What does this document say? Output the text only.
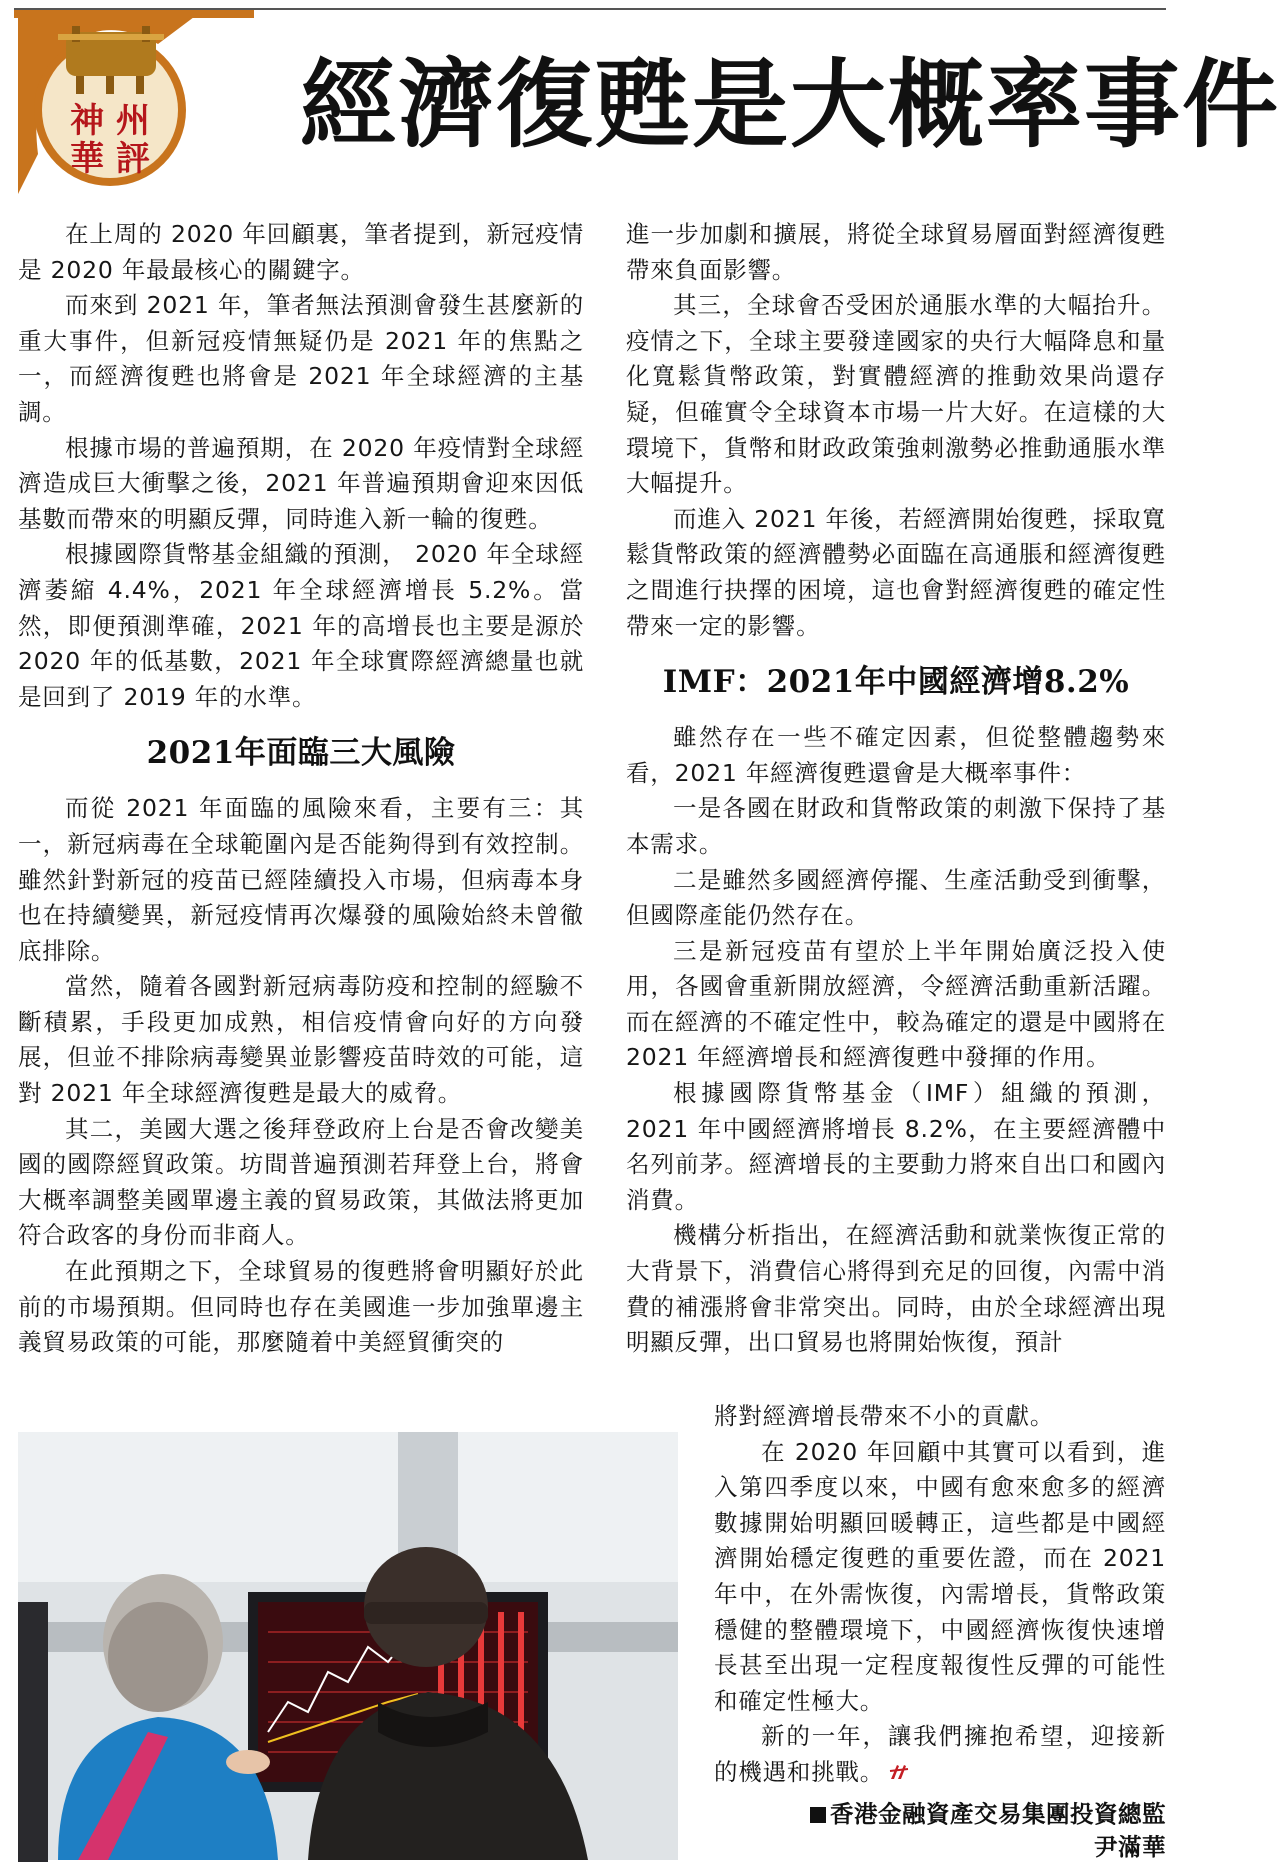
神 州
華 評 經濟復甦是大概率事件

在上周的 2020 年回顧裏，筆者提到，新冠疫情是 2020 年最最核心的關鍵字。

而來到 2021 年，筆者無法預測會發生甚麼新的重大事件，但新冠疫情無疑仍是 2021 年的焦點之一，而經濟復甦也將會是 2021 年全球經濟的主基調。

根據市場的普遍預期，在 2020 年疫情對全球經濟造成巨大衝擊之後，2021 年普遍預期會迎來因低基數而帶來的明顯反彈，同時進入新一輪的復甦。

根據國際貨幣基金組織的預測， 2020 年全球經濟萎縮 4.4%，2021 年全球經濟增長 5.2%。當然，即便預測準確，2021 年的高增長也主要是源於 2020 年的低基數，2021 年全球實際經濟總量也就是回到了 2019 年的水準。

2021年面臨三大風險

而從 2021 年面臨的風險來看，主要有三：其一，新冠病毒在全球範圍內是否能夠得到有效控制。雖然針對新冠的疫苗已經陸續投入市場，但病毒本身也在持續變異，新冠疫情再次爆發的風險始終未曾徹底排除。

當然，隨着各國對新冠病毒防疫和控制的經驗不斷積累，手段更加成熟，相信疫情會向好的方向發展，但並不排除病毒變異並影響疫苗時效的可能，這對 2021 年全球經濟復甦是最大的威脅。

其二，美國大選之後拜登政府上台是否會改變美國的國際經貿政策。坊間普遍預測若拜登上台，將會大概率調整美國單邊主義的貿易政策，其做法將更加符合政客的身份而非商人。

在此預期之下，全球貿易的復甦將會明顯好於此前的市場預期。但同時也存在美國進一步加強單邊主義貿易政策的可能，那麼隨着中美經貿衝突的

進一步加劇和擴展，將從全球貿易層面對經濟復甦帶來負面影響。

其三，全球會否受困於通脹水準的大幅抬升。疫情之下，全球主要發達國家的央行大幅降息和量化寬鬆貨幣政策，對實體經濟的推動效果尚還存疑，但確實令全球資本市場一片大好。在這樣的大環境下，貨幣和財政政策強刺激勢必推動通脹水準大幅提升。

而進入 2021 年後，若經濟開始復甦，採取寬鬆貨幣政策的經濟體勢必面臨在高通脹和經濟復甦之間進行抉擇的困境，這也會對經濟復甦的確定性帶來一定的影響。

IMF：2021年中國經濟增8.2%

雖然存在一些不確定因素，但從整體趨勢來看，2021 年經濟復甦還會是大概率事件：

一是各國在財政和貨幣政策的刺激下保持了基本需求。

二是雖然多國經濟停擺、生產活動受到衝擊，但國際產能仍然存在。

三是新冠疫苗有望於上半年開始廣泛投入使用，各國會重新開放經濟，令經濟活動重新活躍。而在經濟的不確定性中，較為確定的還是中國將在 2021 年經濟增長和經濟復甦中發揮的作用。

根據國際貨幣基金（IMF）組織的預測，2021 年中國經濟將增長 8.2%，在主要經濟體中名列前茅。經濟增長的主要動力將來自出口和國內消費。

機構分析指出，在經濟活動和就業恢復正常的大背景下，消費信心將得到充足的回復，內需中消費的補漲將會非常突出。同時，由於全球經濟出現明顯反彈，出口貿易也將開始恢復，預計

將對經濟增長帶來不小的貢獻。

在 2020 年回顧中其實可以看到，進入第四季度以來，中國有愈來愈多的經濟數據開始明顯回暖轉正，這些都是中國經濟開始穩定復甦的重要佐證，而在 2021 年中，在外需恢復，內需增長，貨幣政策穩健的整體環境下，中國經濟恢復快速增長甚至出現一定程度報復性反彈的可能性和確定性極大。

新的一年，讓我們擁抱希望，迎接新的機遇和挑戰。

香港金融資產交易集團投資總監
尹滿華
